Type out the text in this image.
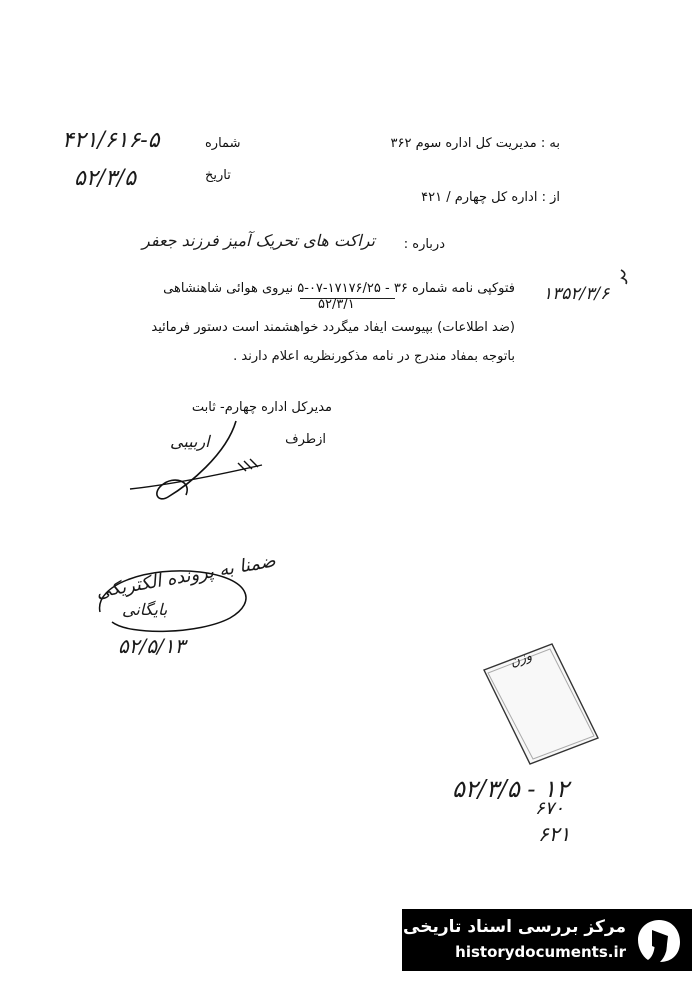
به : مدیریت کل اداره سوم ۳۶۲
از : اداره کل چهارم / ۴۲۱
شماره
۴۲۱/۶۱۶-۵
تاریخ
۵۲/۳/۵
درباره :
تراکت های تحریک آمیز فرزند جعفر
۱۳۵۲/۳/۶
فتوکپی نامه شماره ۳۶ - ۱۷۱۷۶/۲۵-۰۷-۵ نیروی هوائی شاهنشاهی
۵۲/۳/۱
(ضد اطلاعات) بپیوست ایفاد میگردد خواهشمند است دستور فرمائید
باتوجه بمفاد مندرج در نامه مذکورنظریه اعلام دارند .
مدیرکل اداره چهارم- ثابت
ازطرف
اربیبی
ضمنا به پرونده الکتریکی
بایگانی
۵۲/۵/۱۳
وزن
۵۲/۳/۵ - ۱۲
۶۷۰
۶۲۱
مرکز بررسی اسناد تاریخی
historydocuments.ir
